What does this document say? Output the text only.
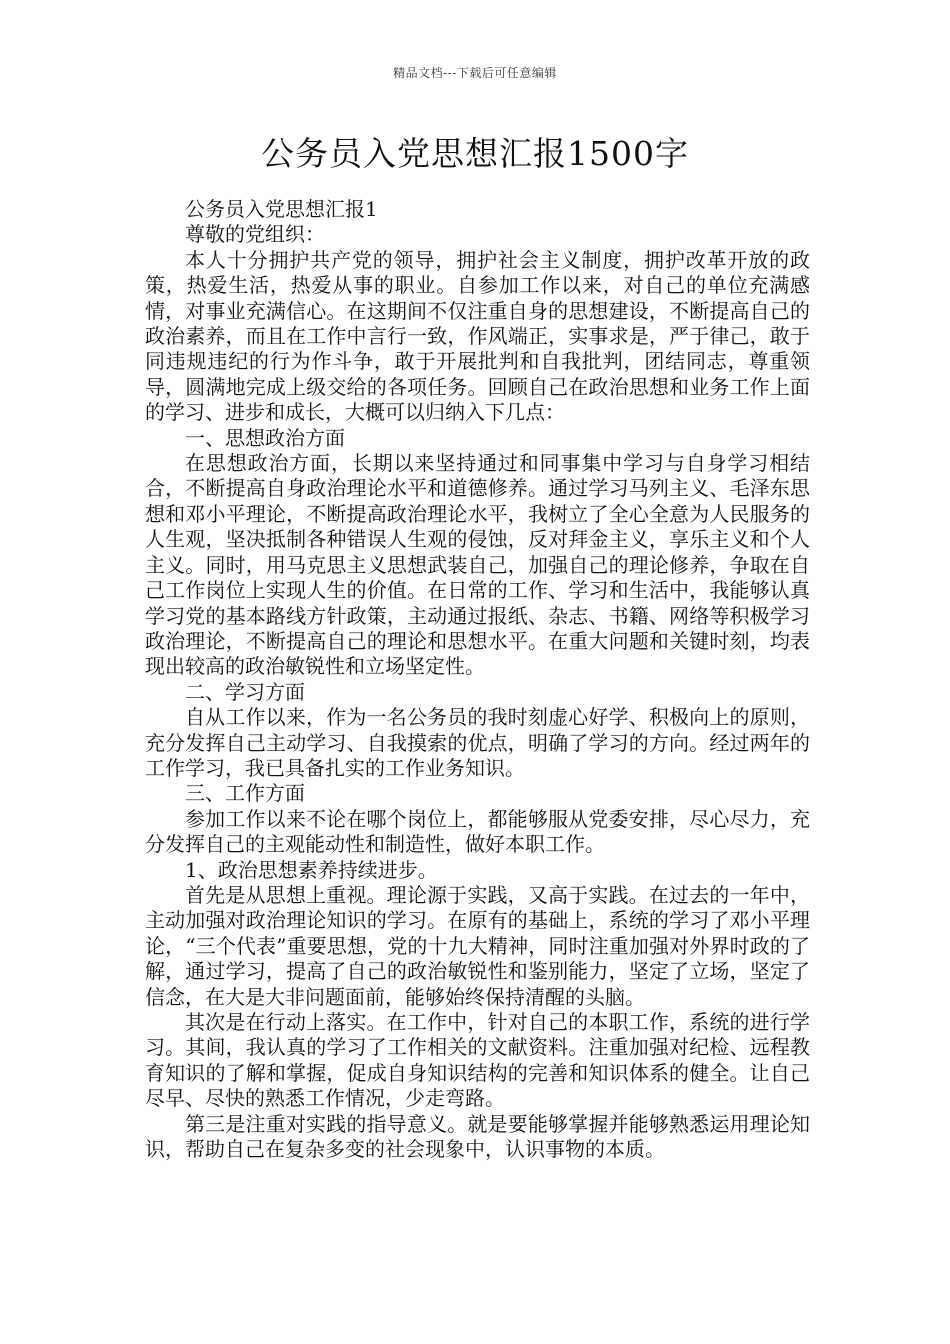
精品文档---下载后可任意编辑
公务员入党思想汇报1500字

公务员入党思想汇报1

尊敬的党组织：

本人十分拥护共产党的领导，拥护社会主义制度，拥护改革开放的政策，热爱生活，热爱从事的职业。自参加工作以来，对自己的单位充满感情，对事业充满信心。在这期间不仅注重自身的思想建设，不断提高自己的政治素养，而且在工作中言行一致，作风端正，实事求是，严于律己，敢于同违规违纪的行为作斗争，敢于开展批判和自我批判，团结同志，尊重领导，圆满地完成上级交给的各项任务。回顾自己在政治思想和业务工作上面的学习、进步和成长，大概可以归纳入下几点：

一、思想政治方面

在思想政治方面，长期以来坚持通过和同事集中学习与自身学习相结合，不断提高自身政治理论水平和道德修养。通过学习马列主义、毛泽东思想和邓小平理论，不断提高政治理论水平，我树立了全心全意为人民服务的人生观，坚决抵制各种错误人生观的侵蚀，反对拜金主义，享乐主义和个人主义。同时，用马克思主义思想武装自己，加强自己的理论修养，争取在自己工作岗位上实现人生的价值。在日常的工作、学习和生活中，我能够认真学习党的基本路线方针政策，主动通过报纸、杂志、书籍、网络等积极学习政治理论，不断提高自己的理论和思想水平。在重大问题和关键时刻，均表现出较高的政治敏锐性和立场坚定性。

二、学习方面

自从工作以来，作为一名公务员的我时刻虚心好学、积极向上的原则，充分发挥自己主动学习、自我摸索的优点，明确了学习的方向。经过两年的工作学习，我已具备扎实的工作业务知识。

三、工作方面

参加工作以来不论在哪个岗位上，都能够服从党委安排，尽心尽力，充分发挥自己的主观能动性和制造性，做好本职工作。

1、政治思想素养持续进步。

首先是从思想上重视。理论源于实践，又高于实践。在过去的一年中，主动加强对政治理论知识的学习。在原有的基础上，系统的学习了邓小平理论，“三个代表”重要思想，党的十九大精神，同时注重加强对外界时政的了解，通过学习，提高了自己的政治敏锐性和鉴别能力，坚定了立场，坚定了信念，在大是大非问题面前，能够始终保持清醒的头脑。

其次是在行动上落实。在工作中，针对自己的本职工作，系统的进行学习。其间，我认真的学习了工作相关的文献资料。注重加强对纪检、远程教育知识的了解和掌握，促成自身知识结构的完善和知识体系的健全。让自己尽早、尽快的熟悉工作情况，少走弯路。

第三是注重对实践的指导意义。就是要能够掌握并能够熟悉运用理论知识，帮助自己在复杂多变的社会现象中，认识事物的本质。
